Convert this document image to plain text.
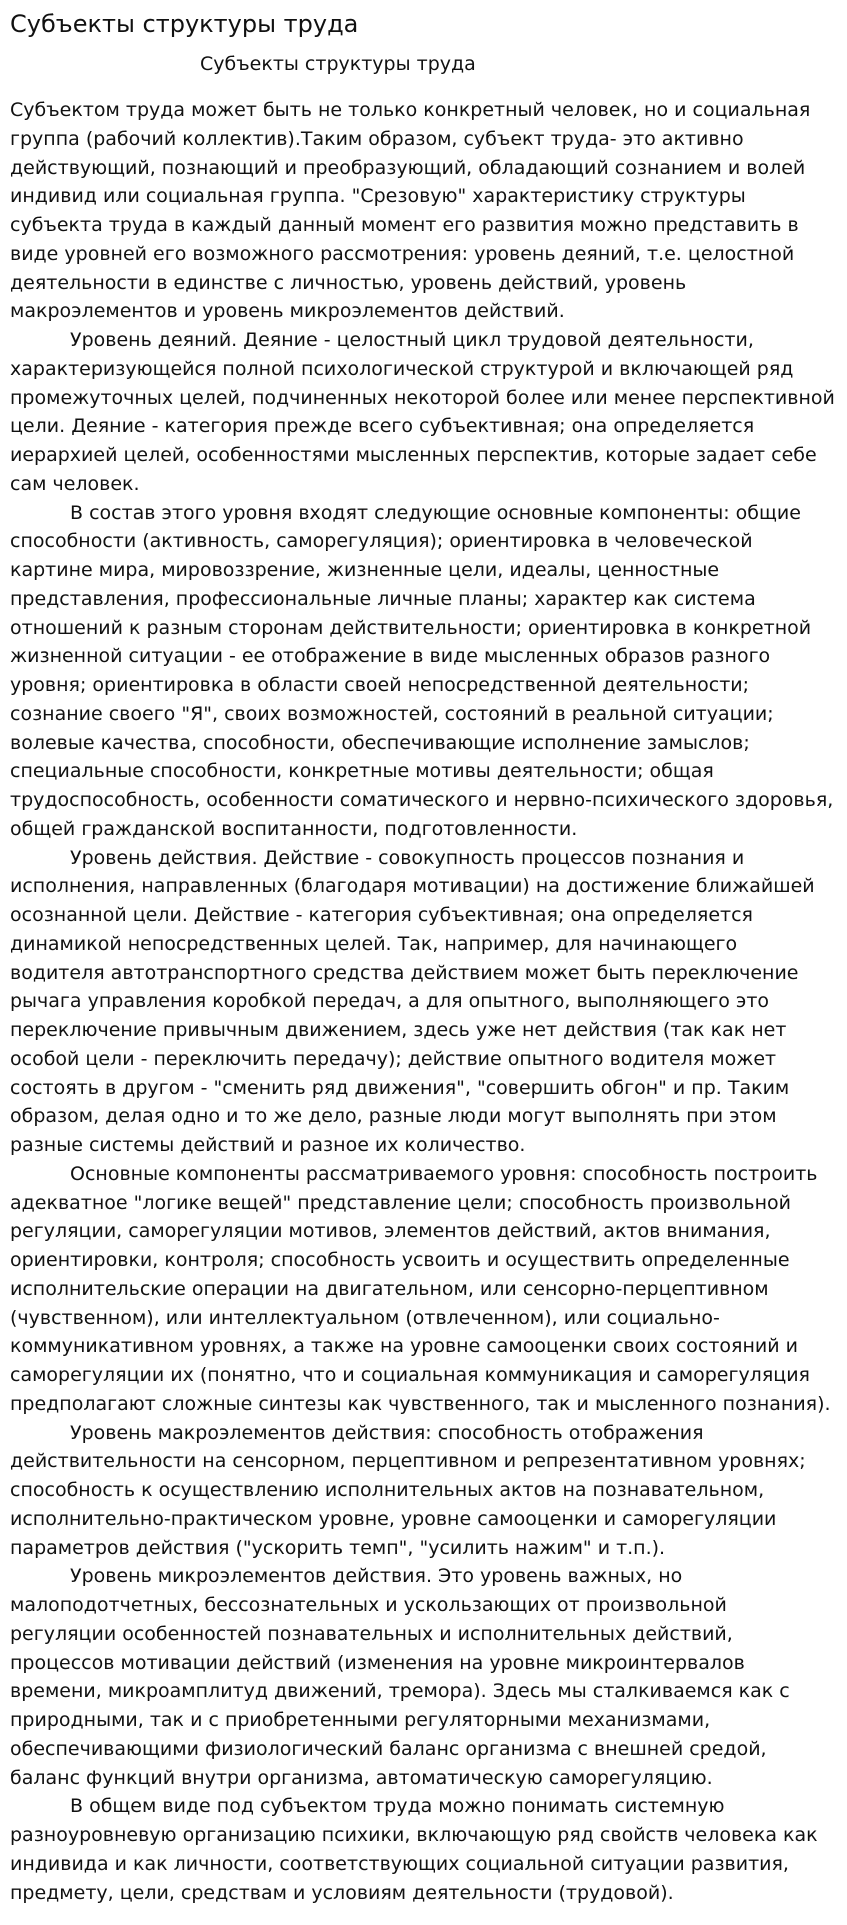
Субъекты структуры труда
Субъекты структуры труда

Субъектом труда может быть не только конкретный человек, но и социальная группа (рабочий коллектив).Таким образом, субъект труда- это активно действующий, познающий и преобразующий, обладающий сознанием и волей индивид или социальная группа. "Срезовую" характеристику структуры субъекта труда в каждый данный момент его развития можно представить в виде уровней его возможного рассмотрения: уровень деяний, т.е. целостной деятельности в единстве с личностью, уровень действий, уровень макроэлементов и уровень микроэлементов действий.

Уровень деяний. Деяние - целостный цикл трудовой деятельности, характеризующейся полной психологической структурой и включающей ряд промежуточных целей, подчиненных некоторой более или менее перспективной цели. Деяние - категория прежде всего субъективная; она определяется иерархией целей, особенностями мысленных перспектив, которые задает себе сам человек.

В состав этого уровня входят следующие основные компоненты: общие способности (активность, саморегуляция); ориентировка в человеческой картине мира, мировоззрение, жизненные цели, идеалы, ценностные представления, профессиональные личные планы; характер как система отношений к разным сторонам действительности; ориентировка в конкретной жизненной ситуации - ее отображение в виде мысленных образов разного уровня; ориентировка в области своей непосредственной деятельности; сознание своего "Я", своих возможностей, состояний в реальной ситуации; волевые качества, способности, обеспечивающие исполнение замыслов; специальные способности, конкретные мотивы деятельности; общая трудоспособность, особенности соматического и нервно-психического здоровья, общей гражданской воспитанности, подготовленности.

Уровень действия. Действие - совокупность процессов познания и исполнения, направленных (благодаря мотивации) на достижение ближайшей осознанной цели. Действие - категория субъективная; она определяется динамикой непосредственных целей. Так, например, для начинающего водителя автотранспортного средства действием может быть переключение рычага управления коробкой передач, а для опытного, выполняющего это переключение привычным движением, здесь уже нет действия (так как нет особой цели - переключить передачу); действие опытного водителя может состоять в другом - "сменить ряд движения", "совершить обгон" и пр. Таким образом, делая одно и то же дело, разные люди могут выполнять при этом разные системы действий и разное их количество.

Основные компоненты рассматриваемого уровня: способность построить адекватное "логике вещей" представление цели; способность произвольной регуляции, саморегуляции мотивов, элементов действий, актов внимания, ориентировки, контроля; способность усвоить и осуществить определенные исполнительские операции на двигательном, или сенсорно-перцептивном (чувственном), или интеллектуальном (отвлеченном), или социально-коммуникативном уровнях, а также на уровне самооценки своих состояний и саморегуляции их (понятно, что и социальная коммуникация и саморегуляция предполагают сложные синтезы как чувственного, так и мысленного познания).

Уровень макроэлементов действия: способность отображения действительности на сенсорном, перцептивном и репрезентативном уровнях; способность к осуществлению исполнительных актов на познавательном, исполнительно-практическом уровне, уровне самооценки и саморегуляции параметров действия ("ускорить темп", "усилить нажим" и т.п.).

Уровень микроэлементов действия. Это уровень важных, но малоподотчетных, бессознательных и ускользающих от произвольной регуляции особенностей познавательных и исполнительных действий, процессов мотивации действий (изменения на уровне микроинтервалов времени, микроамплитуд движений, тремора). Здесь мы сталкиваемся как с природными, так и с приобретенными регуляторными механизмами, обеспечивающими физиологический баланс организма с внешней средой, баланс функций внутри организма, автоматическую саморегуляцию.

В общем виде под субъектом труда можно понимать системную разноуровневую организацию психики, включающую ряд свойств человека как индивида и как личности, соответствующих социальной ситуации развития, предмету, цели, средствам и условиям деятельности (трудовой).
